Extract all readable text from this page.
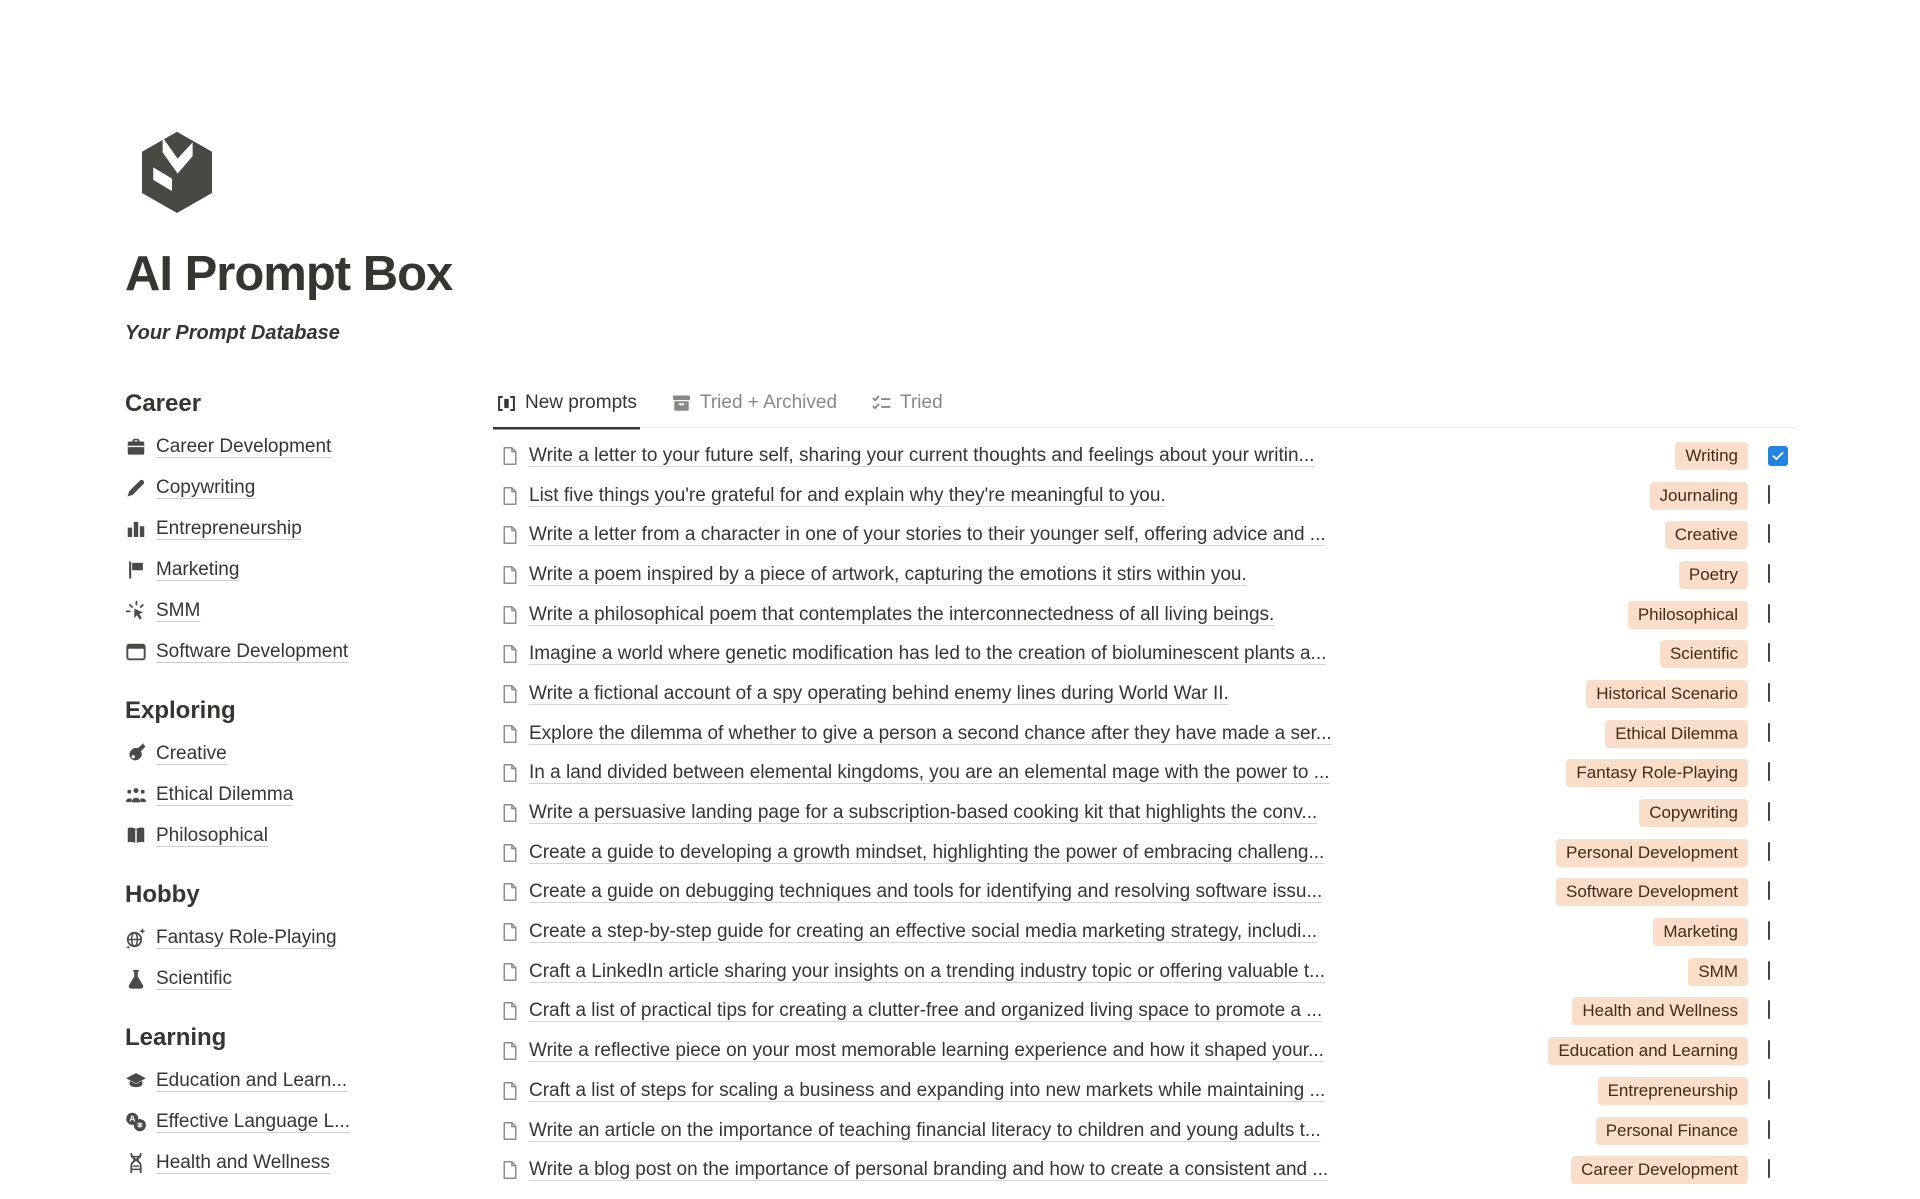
AI Prompt Box
Your Prompt Database
Career
Career Development
Copywriting
Entrepreneurship
Marketing
SMM
Software Development
Exploring
Creative
Ethical Dilemma
Philosophical
Hobby
Fantasy Role-Playing
Scientific
Learning
Education and Learn...
A Effective Language L...
Health and Wellness
New prompts	Tried + Archived	Tried
Write a letter to your future self, sharing your current thoughts and feelings about your writin...	Writing
List five things you're grateful for and explain why they're meaningful to you.	Journaling
Write a letter from a character in one of your stories to their younger self, offering advice and ...	Creative
Write a poem inspired by a piece of artwork, capturing the emotions it stirs within you.	Poetry
Write a philosophical poem that contemplates the interconnectedness of all living beings.	Philosophical
Imagine a world where genetic modification has led to the creation of bioluminescent plants a...	Scientific
Write a fictional account of a spy operating behind enemy lines during World War II.	Historical Scenario
Explore the dilemma of whether to give a person a second chance after they have made a ser...	Ethical Dilemma
In a land divided between elemental kingdoms, you are an elemental mage with the power to ...	Fantasy Role-Playing
Write a persuasive landing page for a subscription-based cooking kit that highlights the conv...	Copywriting
Create a guide to developing a growth mindset, highlighting the power of embracing challeng...	Personal Development
Create a guide on debugging techniques and tools for identifying and resolving software issu...	Software Development
Create a step-by-step guide for creating an effective social media marketing strategy, includi...	Marketing
Craft a LinkedIn article sharing your insights on a trending industry topic or offering valuable t...	SMM
Craft a list of practical tips for creating a clutter-free and organized living space to promote a ...	Health and Wellness
Write a reflective piece on your most memorable learning experience and how it shaped your...	Education and Learning
Craft a list of steps for scaling a business and expanding into new markets while maintaining ...	Entrepreneurship
Write an article on the importance of teaching financial literacy to children and young adults t...	Personal Finance
Write a blog post on the importance of personal branding and how to create a consistent and ...	Career Development
